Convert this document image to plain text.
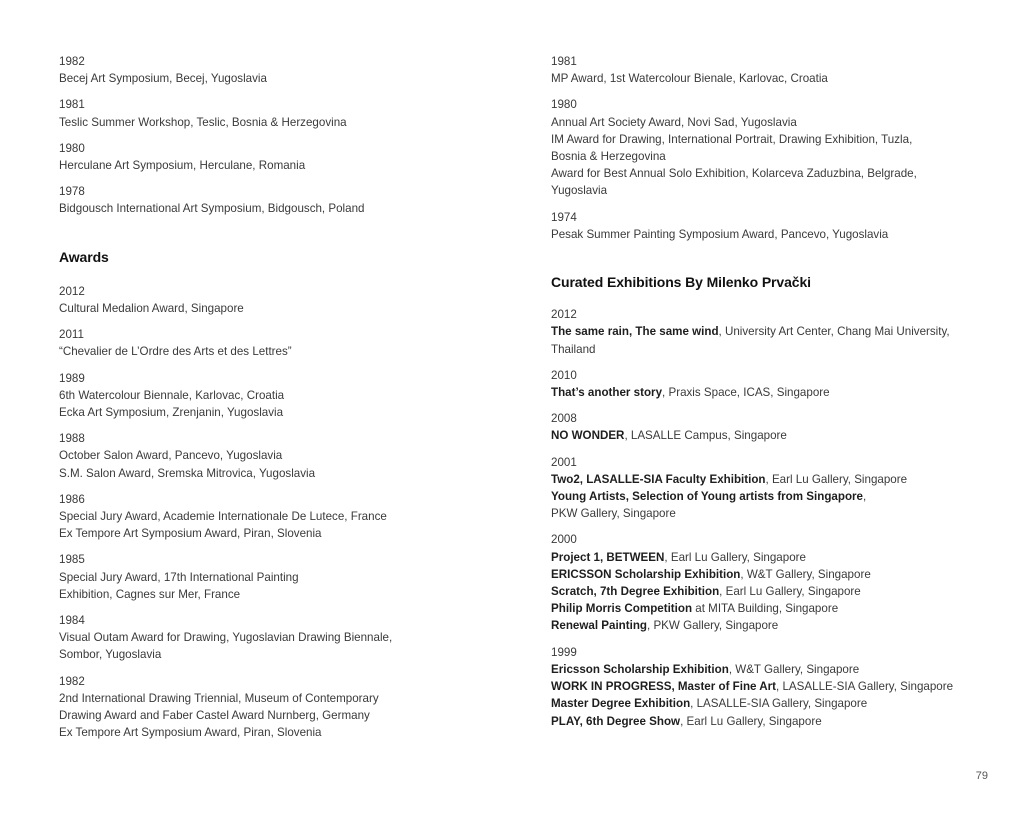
1982
Becej Art Symposium, Becej, Yugoslavia
1981
Teslic Summer Workshop, Teslic, Bosnia & Herzegovina
1980
Herculane Art Symposium, Herculane, Romania
1978
Bidgousch International Art Symposium, Bidgousch, Poland
Awards
2012
Cultural Medalion Award, Singapore
2011
“Chevalier de L’Ordre des Arts et des Lettres”
1989
6th Watercolour Biennale, Karlovac, Croatia
Ecka Art Symposium, Zrenjanin, Yugoslavia
1988
October Salon Award, Pancevo, Yugoslavia
S.M. Salon Award, Sremska Mitrovica, Yugoslavia
1986
Special Jury Award, Academie Internationale De Lutece, France
Ex Tempore Art Symposium Award, Piran, Slovenia
1985
Special Jury Award, 17th International Painting
Exhibition, Cagnes sur Mer, France
1984
Visual Outam Award for Drawing, Yugoslavian Drawing Biennale,
Sombor, Yugoslavia
1982
2nd International Drawing Triennial, Museum of Contemporary
Drawing Award and Faber Castel Award Nurnberg, Germany
Ex Tempore Art Symposium Award, Piran, Slovenia
1981
MP Award, 1st Watercolour Bienale, Karlovac, Croatia
1980
Annual Art Society Award, Novi Sad, Yugoslavia
IM Award for Drawing, International Portrait, Drawing Exhibition, Tuzla,
Bosnia & Herzegovina
Award for Best Annual Solo Exhibition, Kolarceva Zaduzbina, Belgrade,
Yugoslavia
1974
Pesak Summer Painting Symposium Award, Pancevo, Yugoslavia
Curated Exhibitions By Milenko Prvački
2012
The same rain, The same wind, University Art Center, Chang Mai University,
Thailand
2010
That’s another story, Praxis Space, ICAS, Singapore
2008
NO WONDER, LASALLE Campus, Singapore
2001
Two2, LASALLE-SIA Faculty Exhibition, Earl Lu Gallery, Singapore
Young Artists, Selection of Young artists from Singapore,
PKW Gallery, Singapore
2000
Project 1, BETWEEN, Earl Lu Gallery, Singapore
ERICSSON Scholarship Exhibition, W&T Gallery, Singapore
Scratch, 7th Degree Exhibition, Earl Lu Gallery, Singapore
Philip Morris Competition at MITA Building, Singapore
Renewal Painting, PKW Gallery, Singapore
1999
Ericsson Scholarship Exhibition, W&T Gallery, Singapore
WORK IN PROGRESS, Master of Fine Art, LASALLE-SIA Gallery, Singapore
Master Degree Exhibition, LASALLE-SIA Gallery, Singapore
PLAY, 6th Degree Show, Earl Lu Gallery, Singapore
79
